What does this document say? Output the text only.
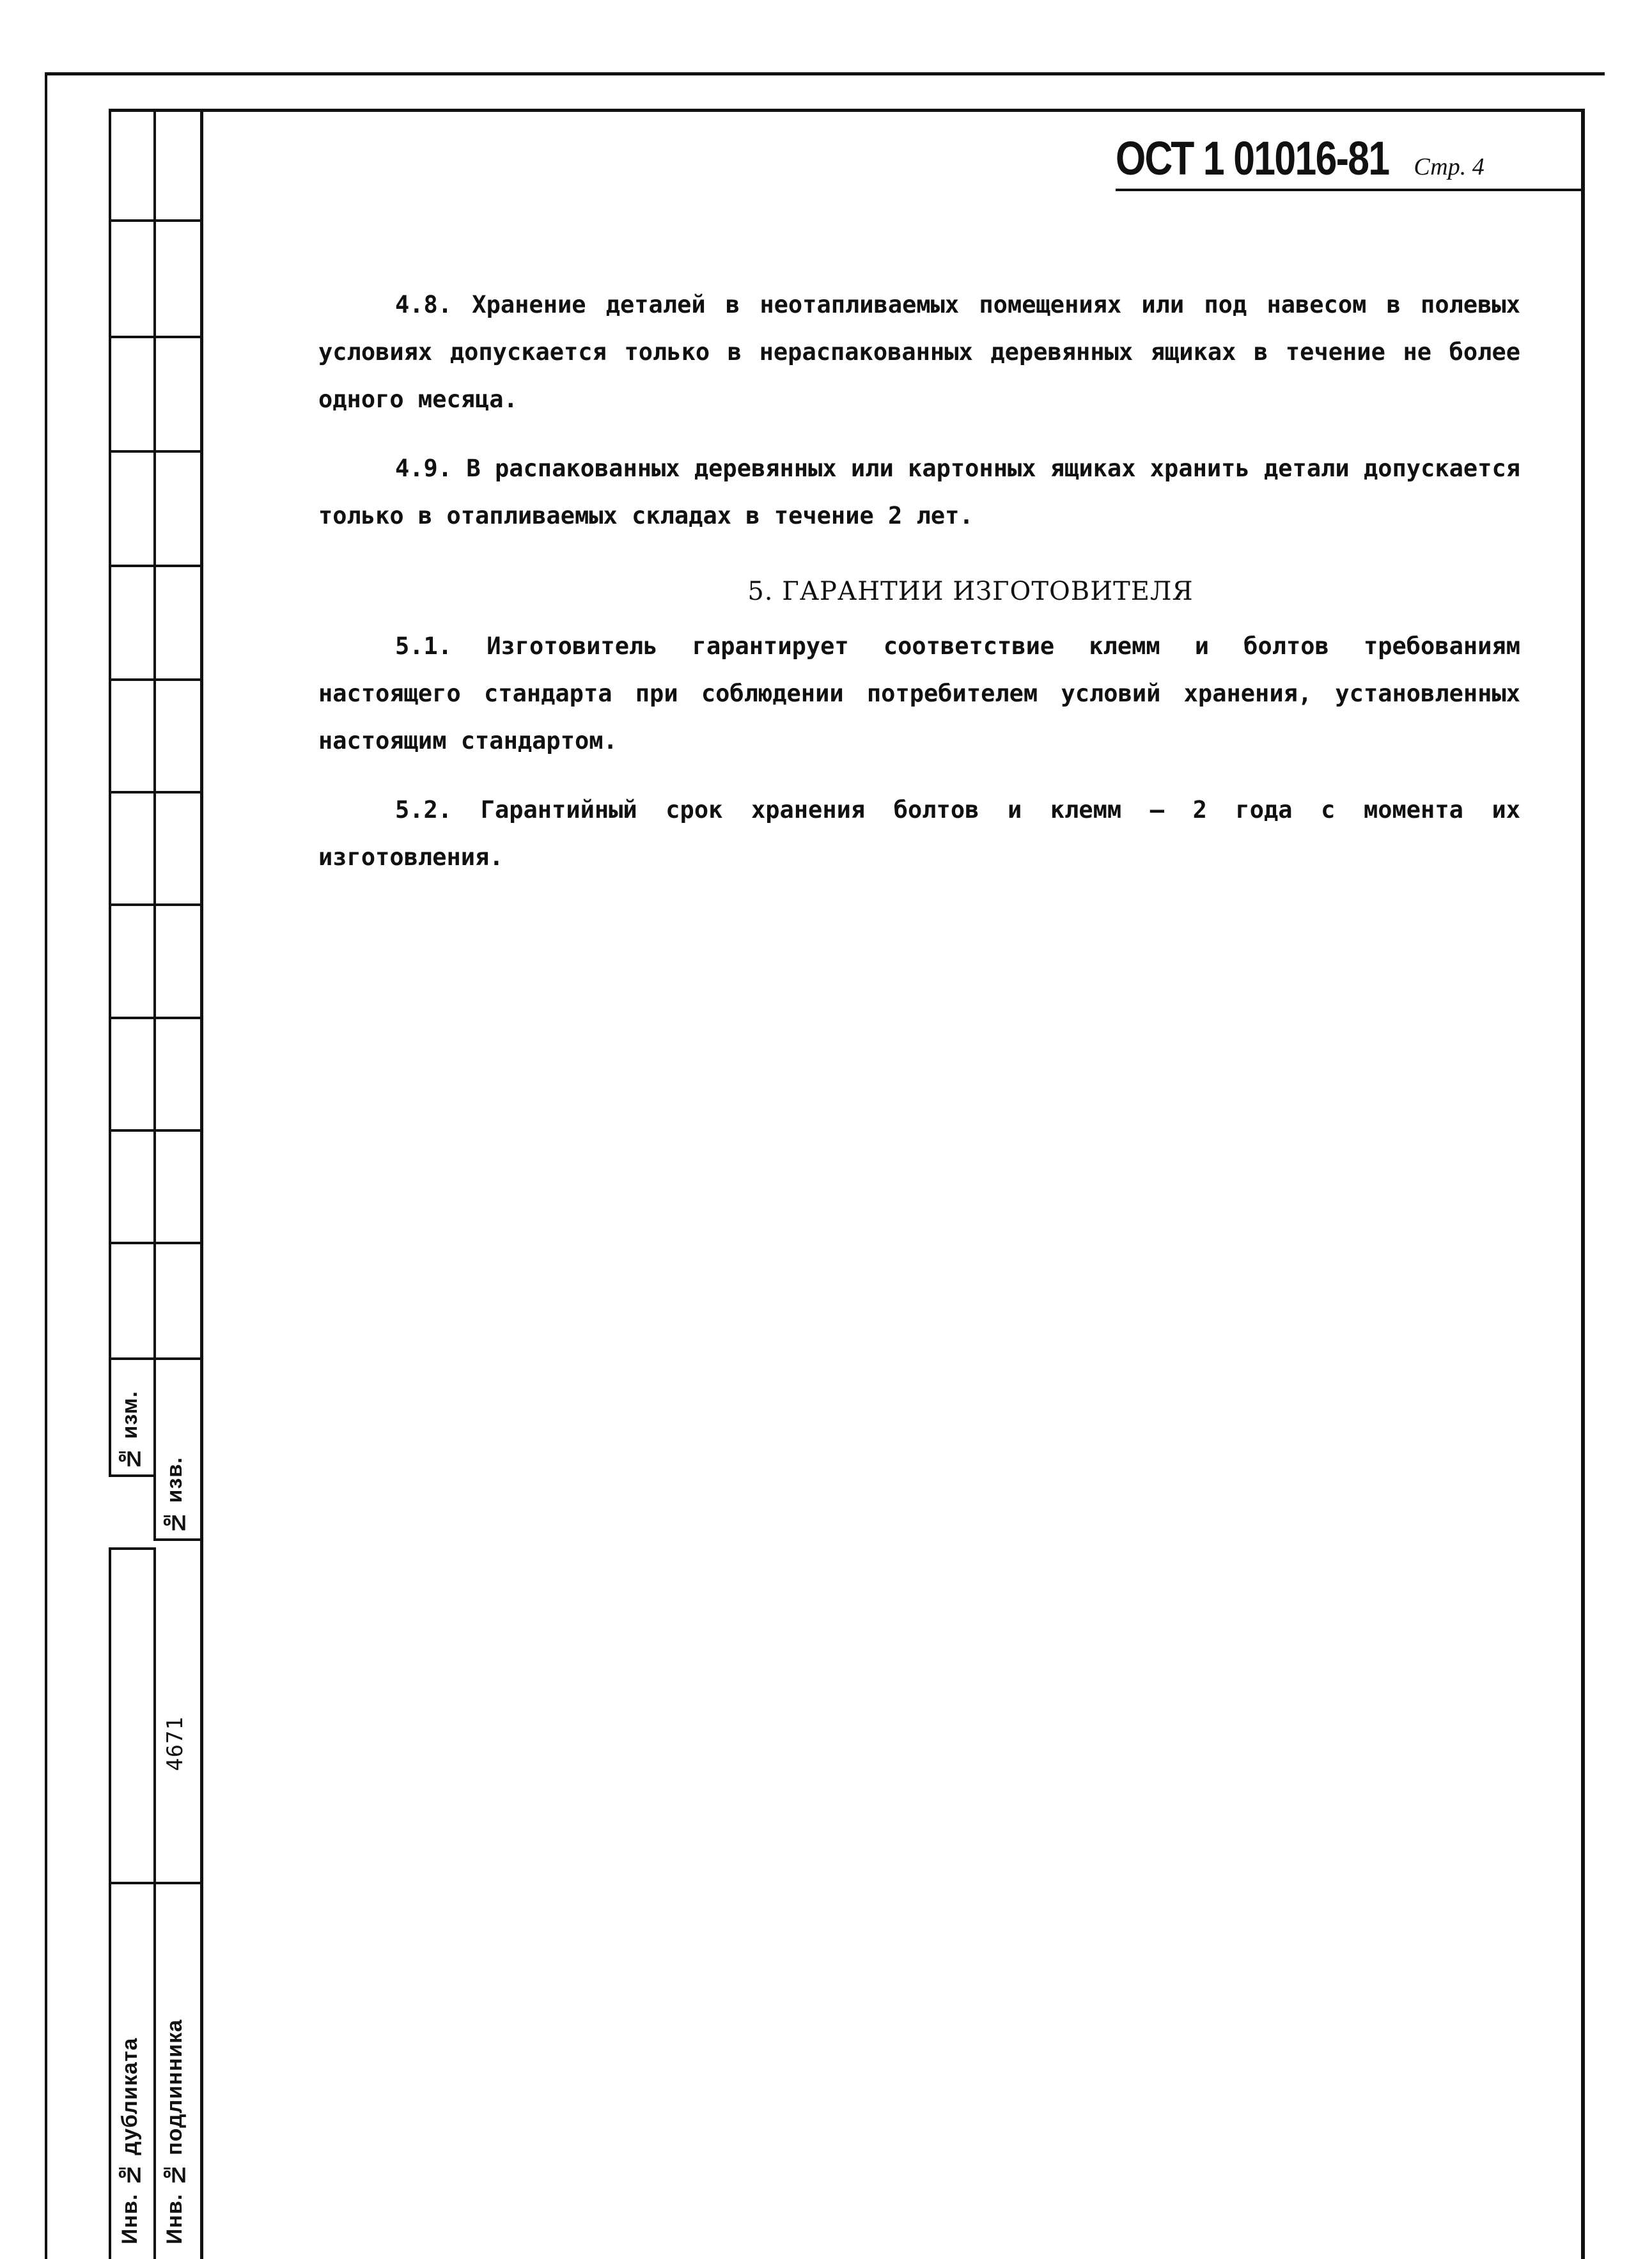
№ изм.
№ изв.
4671
Инв. № дубликата Инв. № подлинника
ОСТ 1 01016-81 Стр. 4

4.8. Хранение деталей в неотапливаемых помещениях или под навесом в полевых условиях допускается только в нераспакованных деревянных ящиках в течение не более одного месяца.

4.9. В распакованных деревянных или картонных ящиках хранить детали допускается только в отапливаемых складах в течение 2 лет.

5. ГАРАНТИИ ИЗГОТОВИТЕЛЯ

5.1. Изготовитель гарантирует соответствие клемм и болтов требованиям настоящего стандарта при соблюдении потребителем условий хранения, установленных настоящим стандартом.

5.2. Гарантийный срок хранения болтов и клемм – 2 года с момента их изготовления.
